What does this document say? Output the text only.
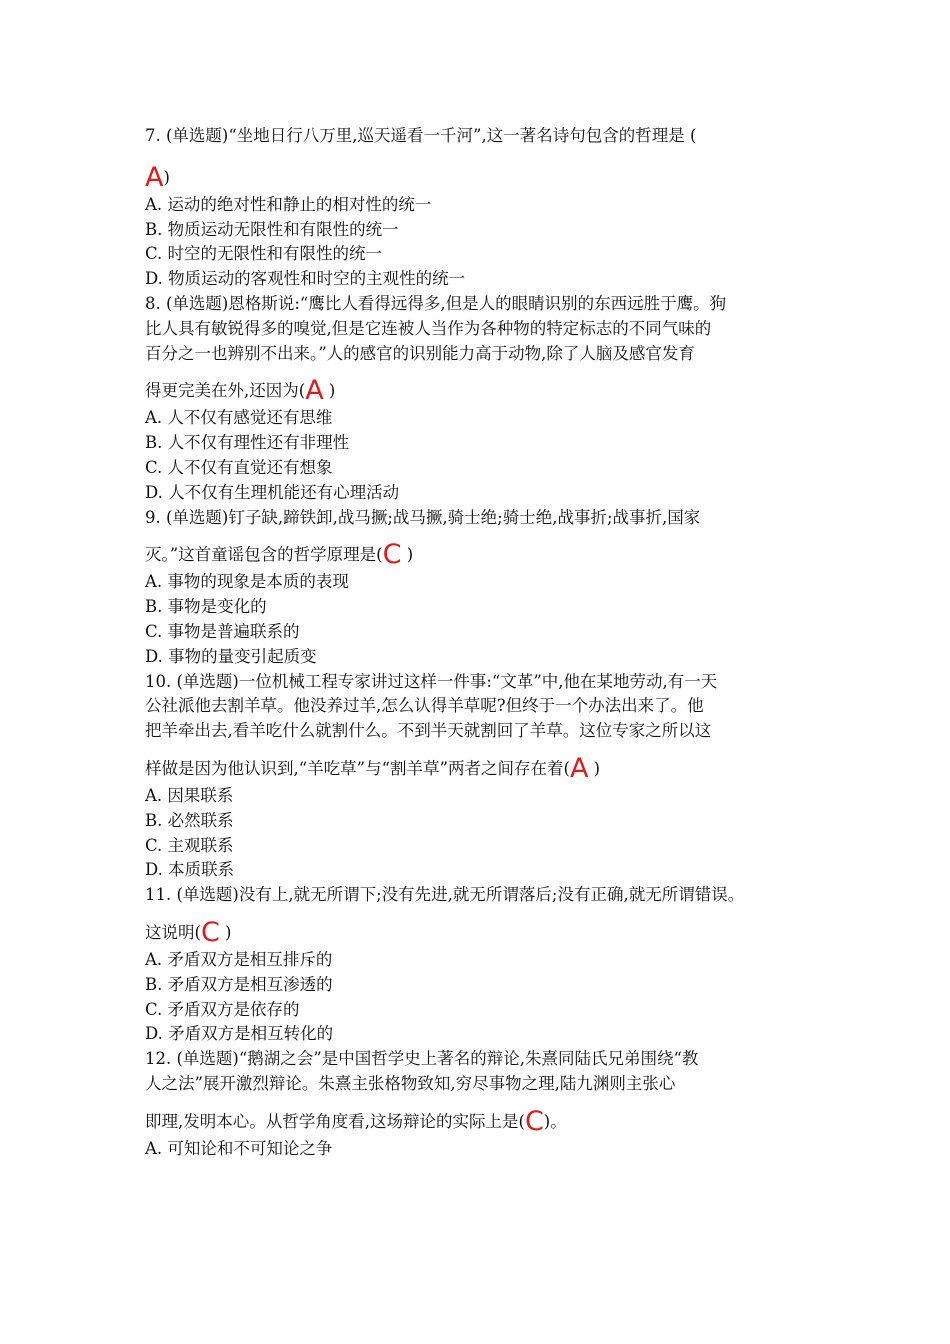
7. (单选题)“坐地日行八万里,巡天遥看一千河”,这一著名诗句包含的哲理是 (
A)

A. 运动的绝对性和静止的相对性的统一

B. 物质运动无限性和有限性的统一

C. 时空的无限性和有限性的统一

D. 物质运动的客观性和时空的主观性的统一

8. (单选题)恩格斯说:“鹰比人看得远得多,但是人的眼睛识别的东西远胜于鹰。狗
比人具有敏锐得多的嗅觉,但是它连被人当作为各种物的特定标志的不同气味的
百分之一也辨别不出来。”人的感官的识别能力高于动物,除了人脑及感官发育
得更完美在外,还因为(A )

A. 人不仅有感觉还有思维

B. 人不仅有理性还有非理性

C. 人不仅有直觉还有想象

D. 人不仅有生理机能还有心理活动

9. (单选题)钉子缺,蹄铁卸,战马撅;战马撅,骑士绝;骑士绝,战事折;战事折,国家
灭。”这首童谣包含的哲学原理是(C )

A. 事物的现象是本质的表现

B. 事物是变化的

C. 事物是普遍联系的

D. 事物的量变引起质变

10. (单选题)一位机械工程专家讲过这样一件事:“文革”中,他在某地劳动,有一天
公社派他去割羊草。他没养过羊,怎么认得羊草呢?但终于一个办法出来了。他
把羊牵出去,看羊吃什么就割什么。不到半天就割回了羊草。这位专家之所以这
样做是因为他认识到,“羊吃草”与“割羊草”两者之间存在着(A )

A. 因果联系

B. 必然联系

C. 主观联系

D. 本质联系

11. (单选题)没有上,就无所谓下;没有先进,就无所谓落后;没有正确,就无所谓错误。
这说明(C )

A. 矛盾双方是相互排斥的

B. 矛盾双方是相互渗透的

C. 矛盾双方是依存的

D. 矛盾双方是相互转化的

12. (单选题)“鹅湖之会”是中国哲学史上著名的辩论,朱熹同陆氏兄弟围绕“教
人之法”展开激烈辩论。朱熹主张格物致知,穷尽事物之理,陆九渊则主张心
即理,发明本心。从哲学角度看,这场辩论的实际上是(C)。

A. 可知论和不可知论之争
